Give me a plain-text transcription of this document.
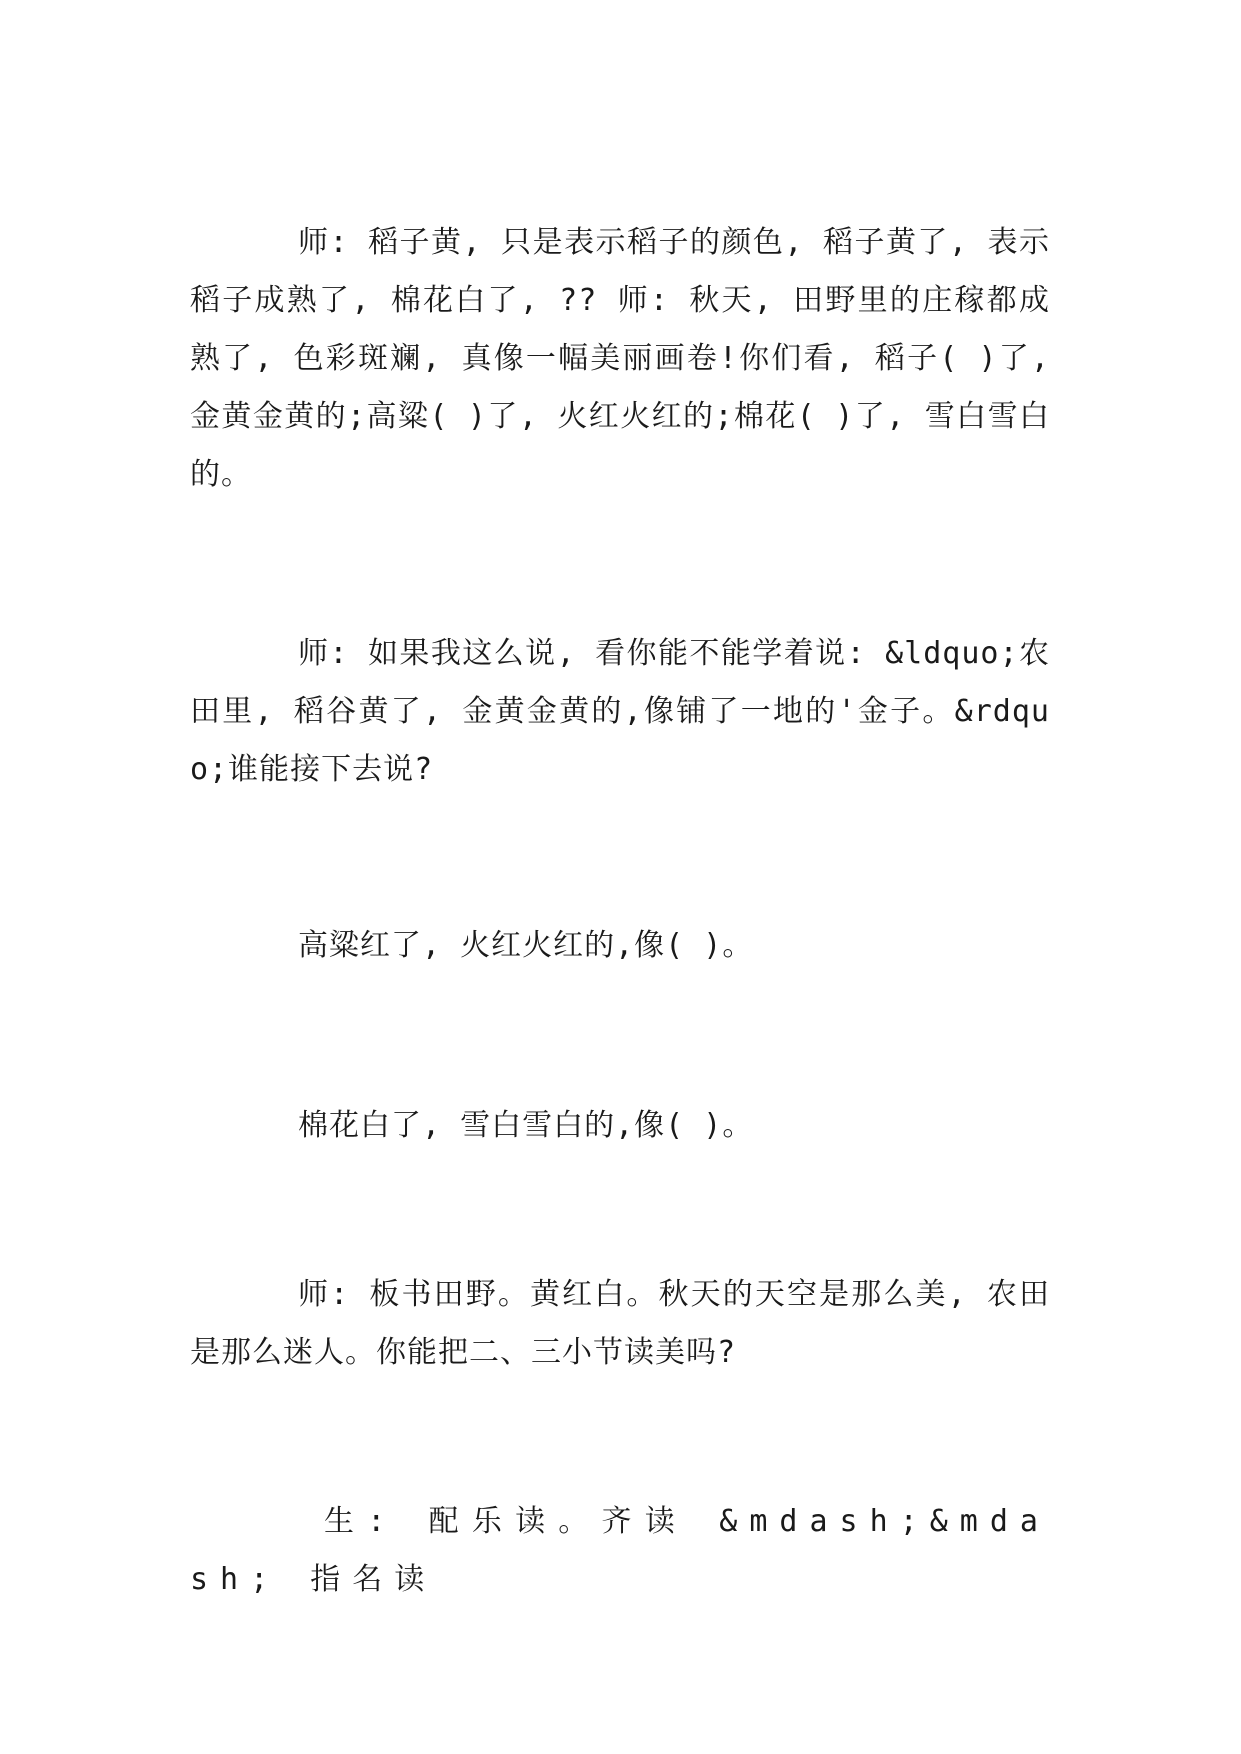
师: 稻子黄, 只是表示稻子的颜色, 稻子黄了, 表示稻子成熟了, 棉花白了, ?? 师: 秋天, 田野里的庄稼都成熟了, 色彩斑斓, 真像一幅美丽画卷!你们看, 稻子( )了, 金黄金黄的;高粱( )了, 火红火红的;棉花( )了, 雪白雪白的。

师: 如果我这么说, 看你能不能学着说: &ldquo;农田里, 稻谷黄了, 金黄金黄的,像铺了一地的'金子。&rdquo;谁能接下去说?

高粱红了, 火红火红的,像( )。

棉花白了, 雪白雪白的,像( )。

师: 板书田野。黄红白。秋天的天空是那么美, 农田是那么迷人。你能把二、三小节读美吗?

生: 配乐读。齐读 &mdash;&mdash; 指名读
